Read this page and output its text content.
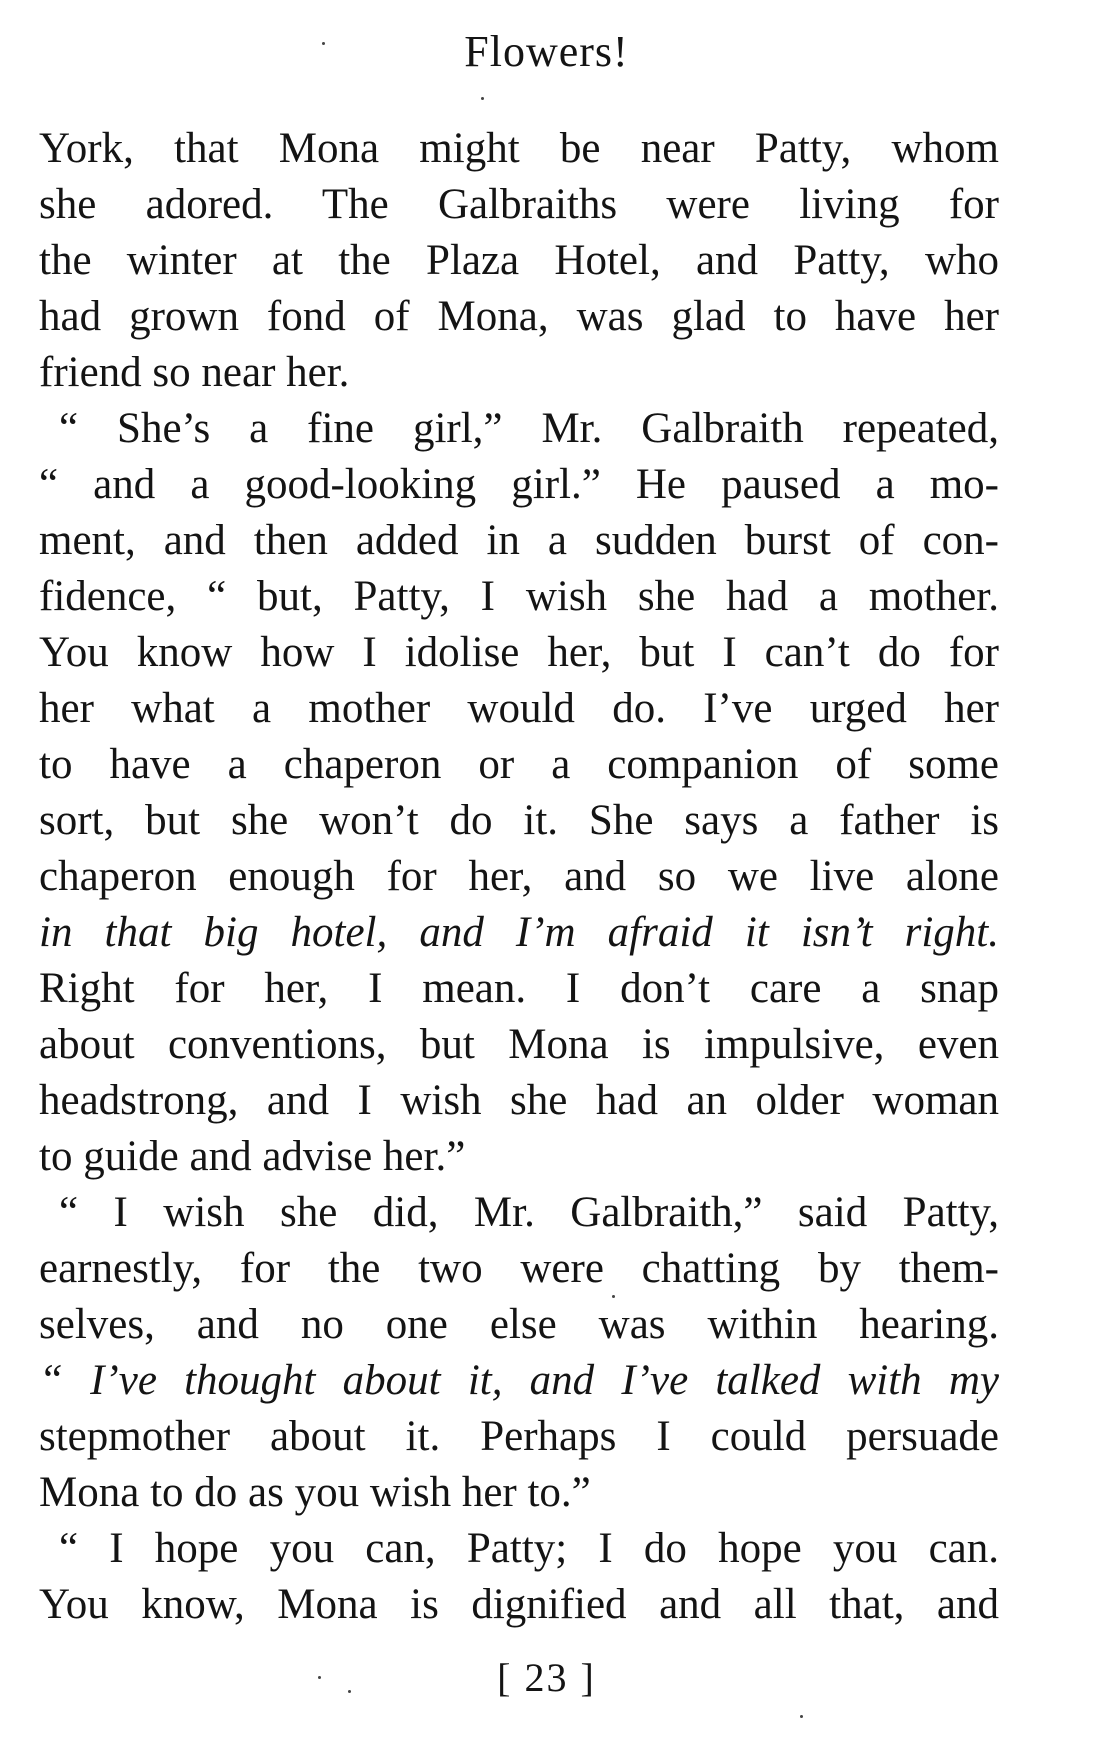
Flowers!
York, that Mona might be near Patty, whom
she adored. The Galbraiths were living for
the winter at the Plaza Hotel, and Patty, who
had grown fond of Mona, was glad to have her
friend so near her.
“ She’s a fine girl,” Mr. Galbraith repeated,
“ and a good-looking girl.” He paused a mo-
ment, and then added in a sudden burst of con-
fidence, “ but, Patty, I wish she had a mother.
You know how I idolise her, but I can’t do for
her what a mother would do. I’ve urged her
to have a chaperon or a companion of some
sort, but she won’t do it. She says a father is
chaperon enough for her, and so we live alone
in that big hotel, and I’m afraid it isn’t right.
Right for her, I mean. I don’t care a snap
about conventions, but Mona is impulsive, even
headstrong, and I wish she had an older woman
to guide and advise her.”
“ I wish she did, Mr. Galbraith,” said Patty,
earnestly, for the two were chatting by them-
selves, and no one else was within hearing.
“ I’ve thought about it, and I’ve talked with my
stepmother about it. Perhaps I could persuade
Mona to do as you wish her to.”
“ I hope you can, Patty; I do hope you can.
You know, Mona is dignified and all that, and
[ 23 ]
